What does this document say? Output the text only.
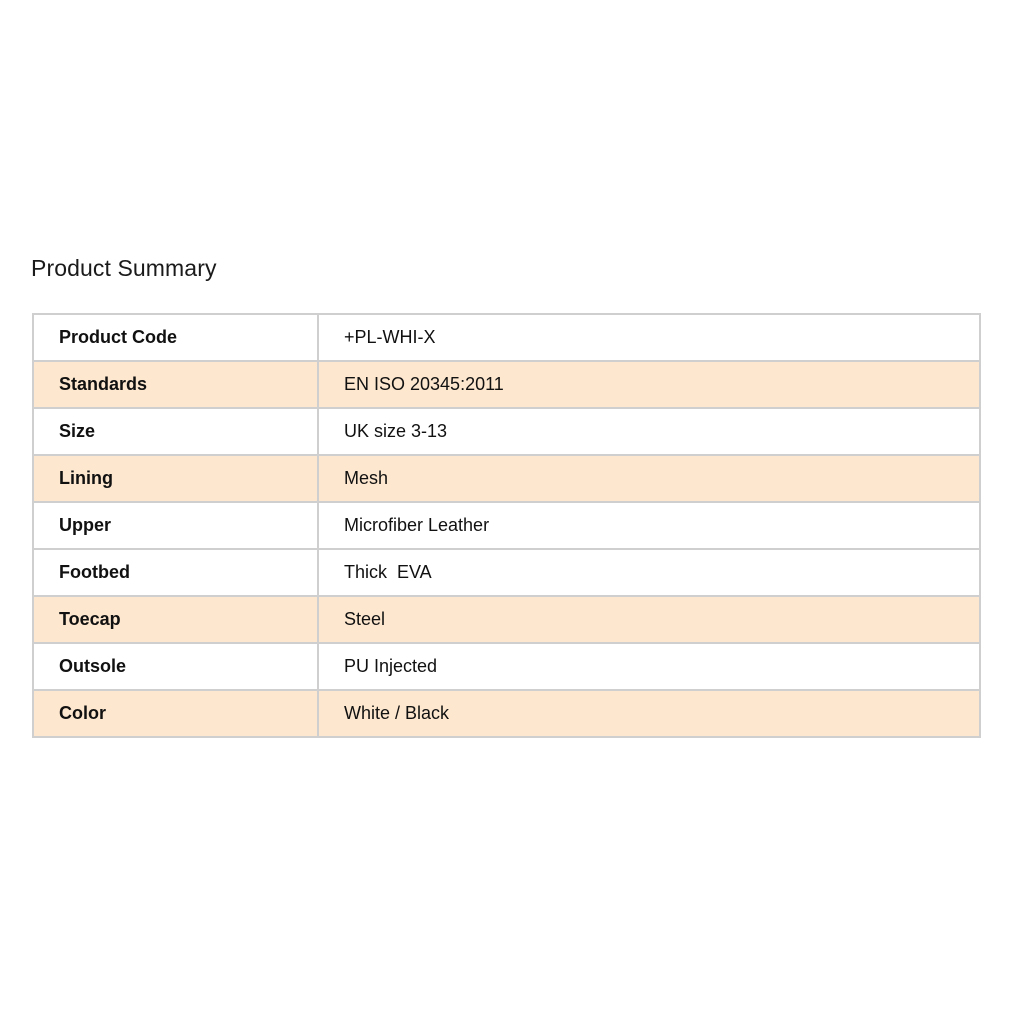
Product Summary
Product Code	+PL-WHI-X
Standards	EN ISO 20345:2011
Size	UK size 3-13
Lining	Mesh
Upper	Microfiber Leather
Footbed	Thick  EVA
Toecap	Steel
Outsole	PU Injected
Color	White / Black
